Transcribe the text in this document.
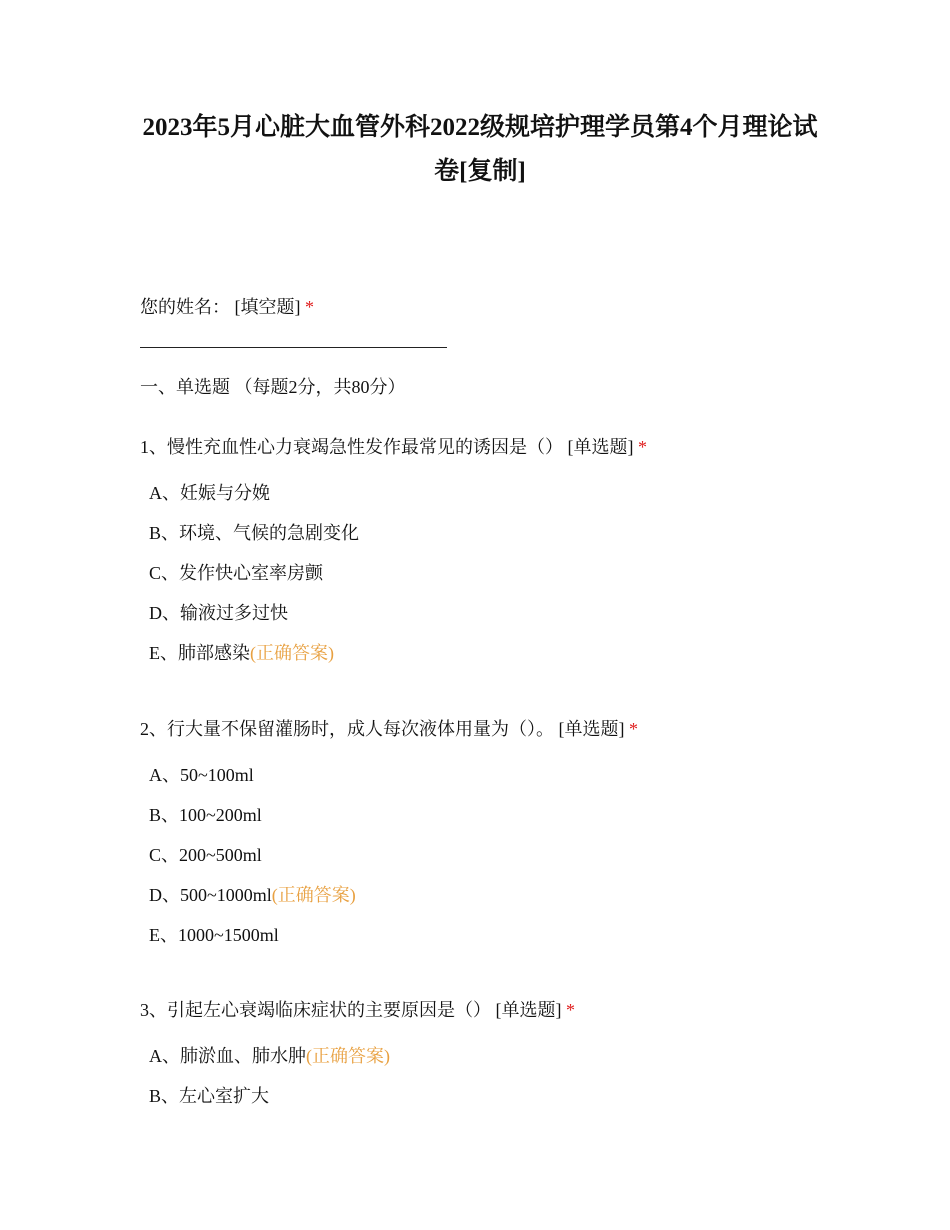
2023年5月心脏大血管外科2022级规培护理学员第4个月理论试卷[复制]
您的姓名： [填空题] *
一、单选题 （每题2分，共80分）
1、慢性充血性心力衰竭急性发作最常见的诱因是（） [单选题] *
A、妊娠与分娩
B、环境、气候的急剧变化
C、发作快心室率房颤
D、输液过多过快
E、肺部感染(正确答案)
2、行大量不保留灌肠时，成人每次液体用量为（）。 [单选题] *
A、50~100ml
B、100~200ml
C、200~500ml
D、500~1000ml(正确答案)
E、1000~1500ml
3、引起左心衰竭临床症状的主要原因是（） [单选题] *
A、肺淤血、肺水肿(正确答案)
B、左心室扩大
